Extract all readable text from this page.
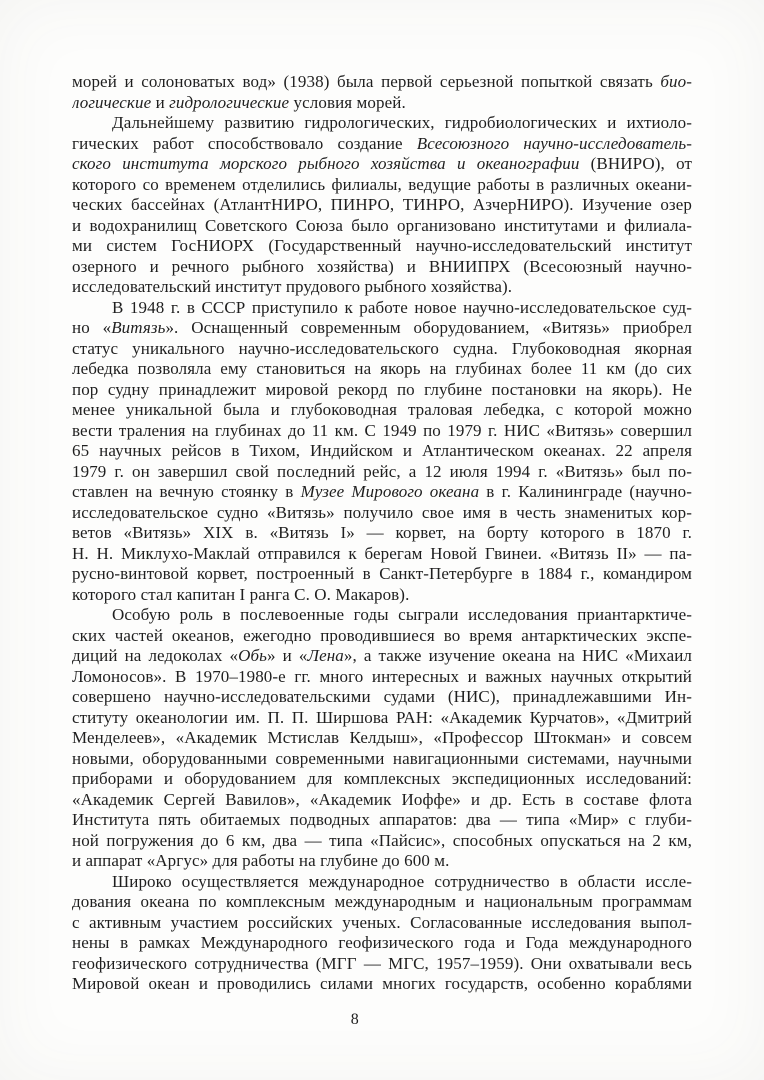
морей и солоноватых вод» (1938) была первой серьезной попыткой связать био-
логические и гидрологические условия морей.
Дальнейшему развитию гидрологических, гидробиологических и ихтиоло-
гических работ способствовало создание Всесоюзного научно-исследователь-
ского института морского рыбного хозяйства и океанографии (ВНИРО), от
которого со временем отделились филиалы, ведущие работы в различных океани-
ческих бассейнах (АтлантНИРО, ПИНРО, ТИНРО, АзчерНИРО). Изучение озер
и водохранилищ Советского Союза было организовано институтами и филиала-
ми систем ГосНИОРХ (Государственный научно-исследовательский институт
озерного и речного рыбного хозяйства) и ВНИИПРХ (Всесоюзный научно-
исследовательский институт прудового рыбного хозяйства).
В 1948 г. в СССР приступило к работе новое научно-исследовательское суд-
но «Витязь». Оснащенный современным оборудованием, «Витязь» приобрел
статус уникального научно-исследовательского судна. Глубоководная якорная
лебедка позволяла ему становиться на якорь на глубинах более 11 км (до сих
пор судну принадлежит мировой рекорд по глубине постановки на якорь). Не
менее уникальной была и глубоководная траловая лебедка, с которой можно
вести траления на глубинах до 11 км. С 1949 по 1979 г. НИС «Витязь» совершил
65 научных рейсов в Тихом, Индийском и Атлантическом океанах. 22 апреля
1979 г. он завершил свой последний рейс, а 12 июля 1994 г. «Витязь» был по-
ставлен на вечную стоянку в Музее Мирового океана в г. Калининграде (научно-
исследовательское судно «Витязь» получило свое имя в честь знаменитых кор-
ветов «Витязь» XIX в. «Витязь I» — корвет, на борту которого в 1870 г.
Н. Н. Миклухо-Маклай отправился к берегам Новой Гвинеи. «Витязь II» — па-
русно-винтовой корвет, построенный в Санкт-Петербурге в 1884 г., командиром
которого стал капитан I ранга С. О. Макаров).
Особую роль в послевоенные годы сыграли исследования приантарктиче-
ских частей океанов, ежегодно проводившиеся во время антарктических экспе-
диций на ледоколах «Обь» и «Лена», а также изучение океана на НИС «Михаил
Ломоносов». В 1970–1980-е гг. много интересных и важных научных открытий
совершено научно-исследовательскими судами (НИС), принадлежавшими Ин-
ституту океанологии им. П. П. Ширшова РАН: «Академик Курчатов», «Дмитрий
Менделеев», «Академик Мстислав Келдыш», «Профессор Штокман» и совсем
новыми, оборудованными современными навигационными системами, научными
приборами и оборудованием для комплексных экспедиционных исследований:
«Академик Сергей Вавилов», «Академик Иоффе» и др. Есть в составе флота
Института пять обитаемых подводных аппаратов: два — типа «Мир» с глуби-
ной погружения до 6 км, два — типа «Пайсис», способных опускаться на 2 км,
и аппарат «Аргус» для работы на глубине до 600 м.
Широко осуществляется международное сотрудничество в области иссле-
дования океана по комплексным международным и национальным программам
с активным участием российских ученых. Согласованные исследования выпол-
нены в рамках Международного геофизического года и Года международного
геофизического сотрудничества (МГГ — МГС, 1957–1959). Они охватывали весь
Мировой океан и проводились силами многих государств, особенно кораблями
8
